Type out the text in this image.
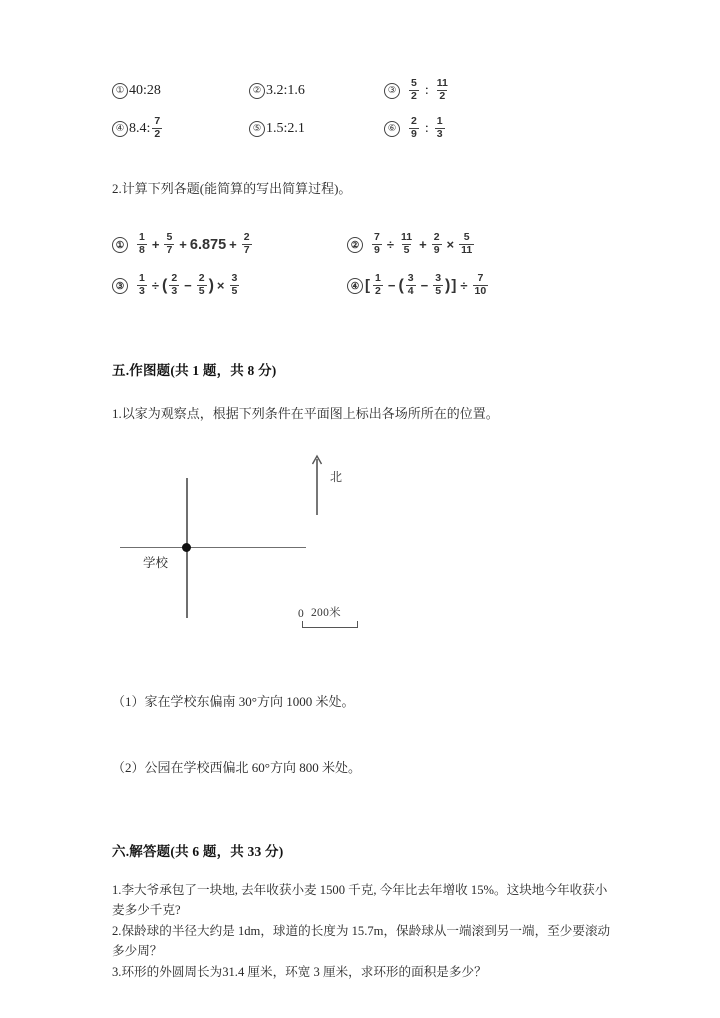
① 40:28	② 3.2:1.6	③	$\frac{5}{2}$ : $\frac{11}{2}$
④ 8.4: $\frac{7}{2}$	⑤ 1.5:2.1	⑥	$\frac{2}{9}$ : $\frac{1}{3}$
2.计算下列各题(能简算的写出简算过程)。
①	$\frac{1}{8} + \frac{5}{7} + 6.875 + \frac{2}{7}$	②	$\frac{7}{9} \div \frac{11}{5} + \frac{2}{9} \times \frac{5}{11}$
③	$\frac{1}{3}$ ÷ ( $\frac{2}{3} - \frac{2}{5}$ ) × $\frac{3}{5}$	④ [ $\frac{1}{2}$ − ( $\frac{3}{4} - \frac{3}{5}$ )] ÷ $\frac{7}{10}$
五.作图题(共 1 题，共 8 分)
1.以家为观察点，根据下列条件在平面图上标出各场所所在的位置。
学校
北
0 200米
（1）家在学校东偏南 30°方向 1000 米处。
（2）公园在学校西偏北 60°方向 800 米处。
六.解答题(共 6 题，共 33 分)
1.李大爷承包了一块地, 去年收获小麦 1500 千克, 今年比去年增收 15%。这块地今年收获小麦多少千克?
2.保龄球的半径大约是 1dm，球道的长度为 15.7m，保龄球从一端滚到另一端，至少要滚动多少周？
3.环形的外圆周长为31.4 厘米，环宽 3 厘米，求环形的面积是多少？
